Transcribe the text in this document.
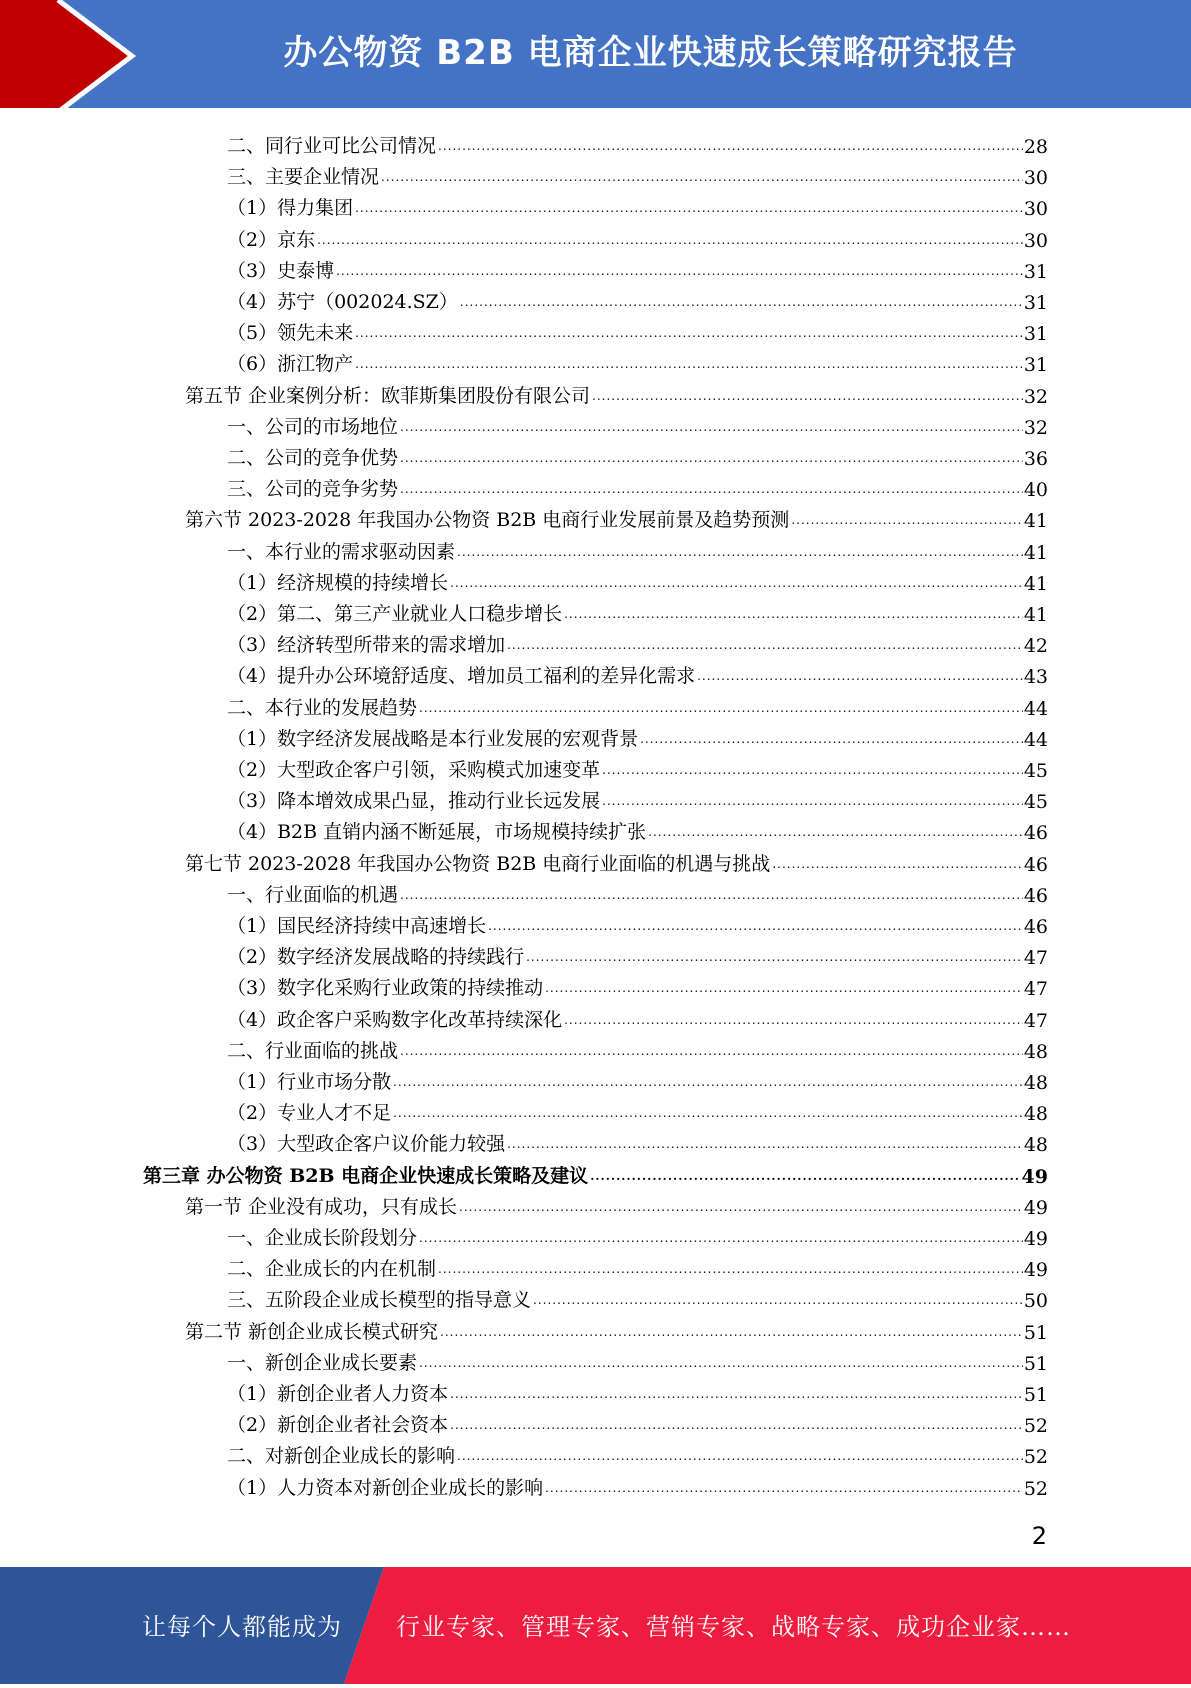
办公物资 B2B 电商企业快速成长策略研究报告
二、同行业可比公司情况 .....	28
三、主要企业情况 .....	30
（1）得力集团 .....	30
（2）京东 .....	30
（3）史泰博 .....	31
（4）苏宁（002024.SZ） .....	31
（5）领先未来 .....	31
（6）浙江物产 .....	31
第五节 企业案例分析：欧菲斯集团股份有限公司 .....	32
一、公司的市场地位 .....	32
二、公司的竞争优势 .....	36
三、公司的竞争劣势 .....	40
第六节 2023-2028 年我国办公物资 B2B 电商行业发展前景及趋势预测 .....	41
一、本行业的需求驱动因素 .....	41
（1）经济规模的持续增长 .....	41
（2）第二、第三产业就业人口稳步增长 .....	41
（3）经济转型所带来的需求增加 .....	42
（4）提升办公环境舒适度、增加员工福利的差异化需求 .....	43
二、本行业的发展趋势 .....	44
（1）数字经济发展战略是本行业发展的宏观背景 .....	44
（2）大型政企客户引领，采购模式加速变革 .....	45
（3）降本增效成果凸显，推动行业长远发展 .....	45
（4）B2B 直销内涵不断延展，市场规模持续扩张 .....	46
第七节 2023-2028 年我国办公物资 B2B 电商行业面临的机遇与挑战 .....	46
一、行业面临的机遇 .....	46
（1）国民经济持续中高速增长 .....	46
（2）数字经济发展战略的持续践行 .....	47
（3）数字化采购行业政策的持续推动 .....	47
（4）政企客户采购数字化改革持续深化 .....	47
二、行业面临的挑战 .....	48
（1）行业市场分散 .....	48
（2）专业人才不足 .....	48
（3）大型政企客户议价能力较强 .....	48
第三章 办公物资 B2B 电商企业快速成长策略及建议 .....	49
第一节 企业没有成功，只有成长 .....	49
一、企业成长阶段划分 .....	49
二、企业成长的内在机制 .....	49
三、五阶段企业成长模型的指导意义 .....	50
第二节 新创企业成长模式研究 .....	51
一、新创企业成长要素 .....	51
（1）新创企业者人力资本 .....	51
（2）新创企业者社会资本 .....	52
二、对新创企业成长的影响 .....	52
（1）人力资本对新创企业成长的影响 .....	52
2
让每个人都能成为 行业专家、管理专家、营销专家、战略专家、成功企业家……
